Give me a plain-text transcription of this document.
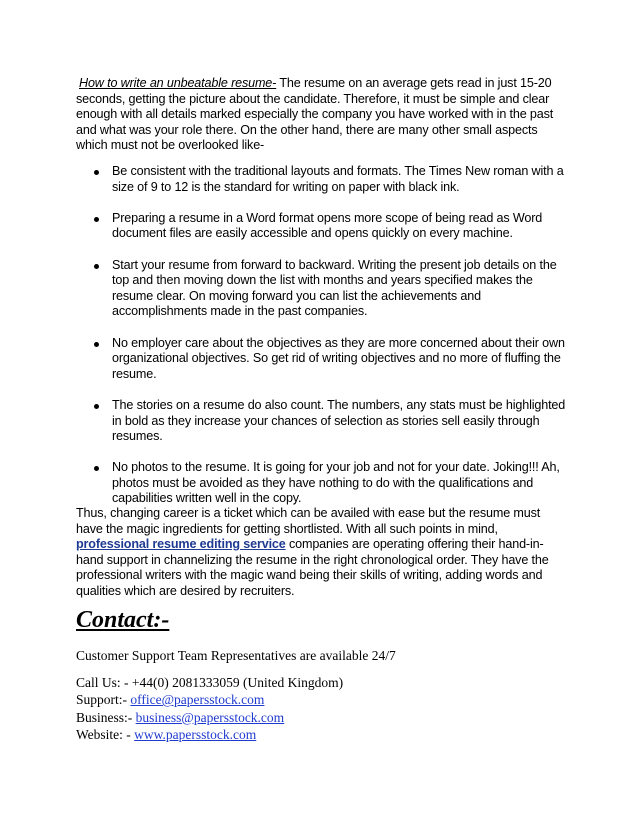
How to write an unbeatable resume- The resume on an average gets read in just 15-20 seconds, getting the picture about the candidate. Therefore, it must be simple and clear enough with all details marked especially the company you have worked with in the past and what was your role there. On the other hand, there are many other small aspects which must not be overlooked like-

Be consistent with the traditional layouts and formats. The Times New roman with a size of 9 to 12 is the standard for writing on paper with black ink.
Preparing a resume in a Word format opens more scope of being read as Word document files are easily accessible and opens quickly on every machine.
Start your resume from forward to backward. Writing the present job details on the top and then moving down the list with months and years specified makes the resume clear. On moving forward you can list the achievements and accomplishments made in the past companies.
No employer care about the objectives as they are more concerned about their own organizational objectives. So get rid of writing objectives and no more of fluffing the resume.
The stories on a resume do also count. The numbers, any stats must be highlighted in bold as they increase your chances of selection as stories sell easily through resumes.
No photos to the resume. It is going for your job and not for your date. Joking!!! Ah, photos must be avoided as they have nothing to do with the qualifications and capabilities written well in the copy.

Thus, changing career is a ticket which can be availed with ease but the resume must have the magic ingredients for getting shortlisted. With all such points in mind, professional resume editing service companies are operating offering their hand-in-hand support in channelizing the resume in the right chronological order. They have the professional writers with the magic wand being their skills of writing, adding words and qualities which are desired by recruiters.

Contact:-

Customer Support Team Representatives are available 24/7

Call Us: - +44(0) 2081333059 (United Kingdom)
Support:- office@papersstock.com
Business:- business@papersstock.com
Website: - www.papersstock.com
